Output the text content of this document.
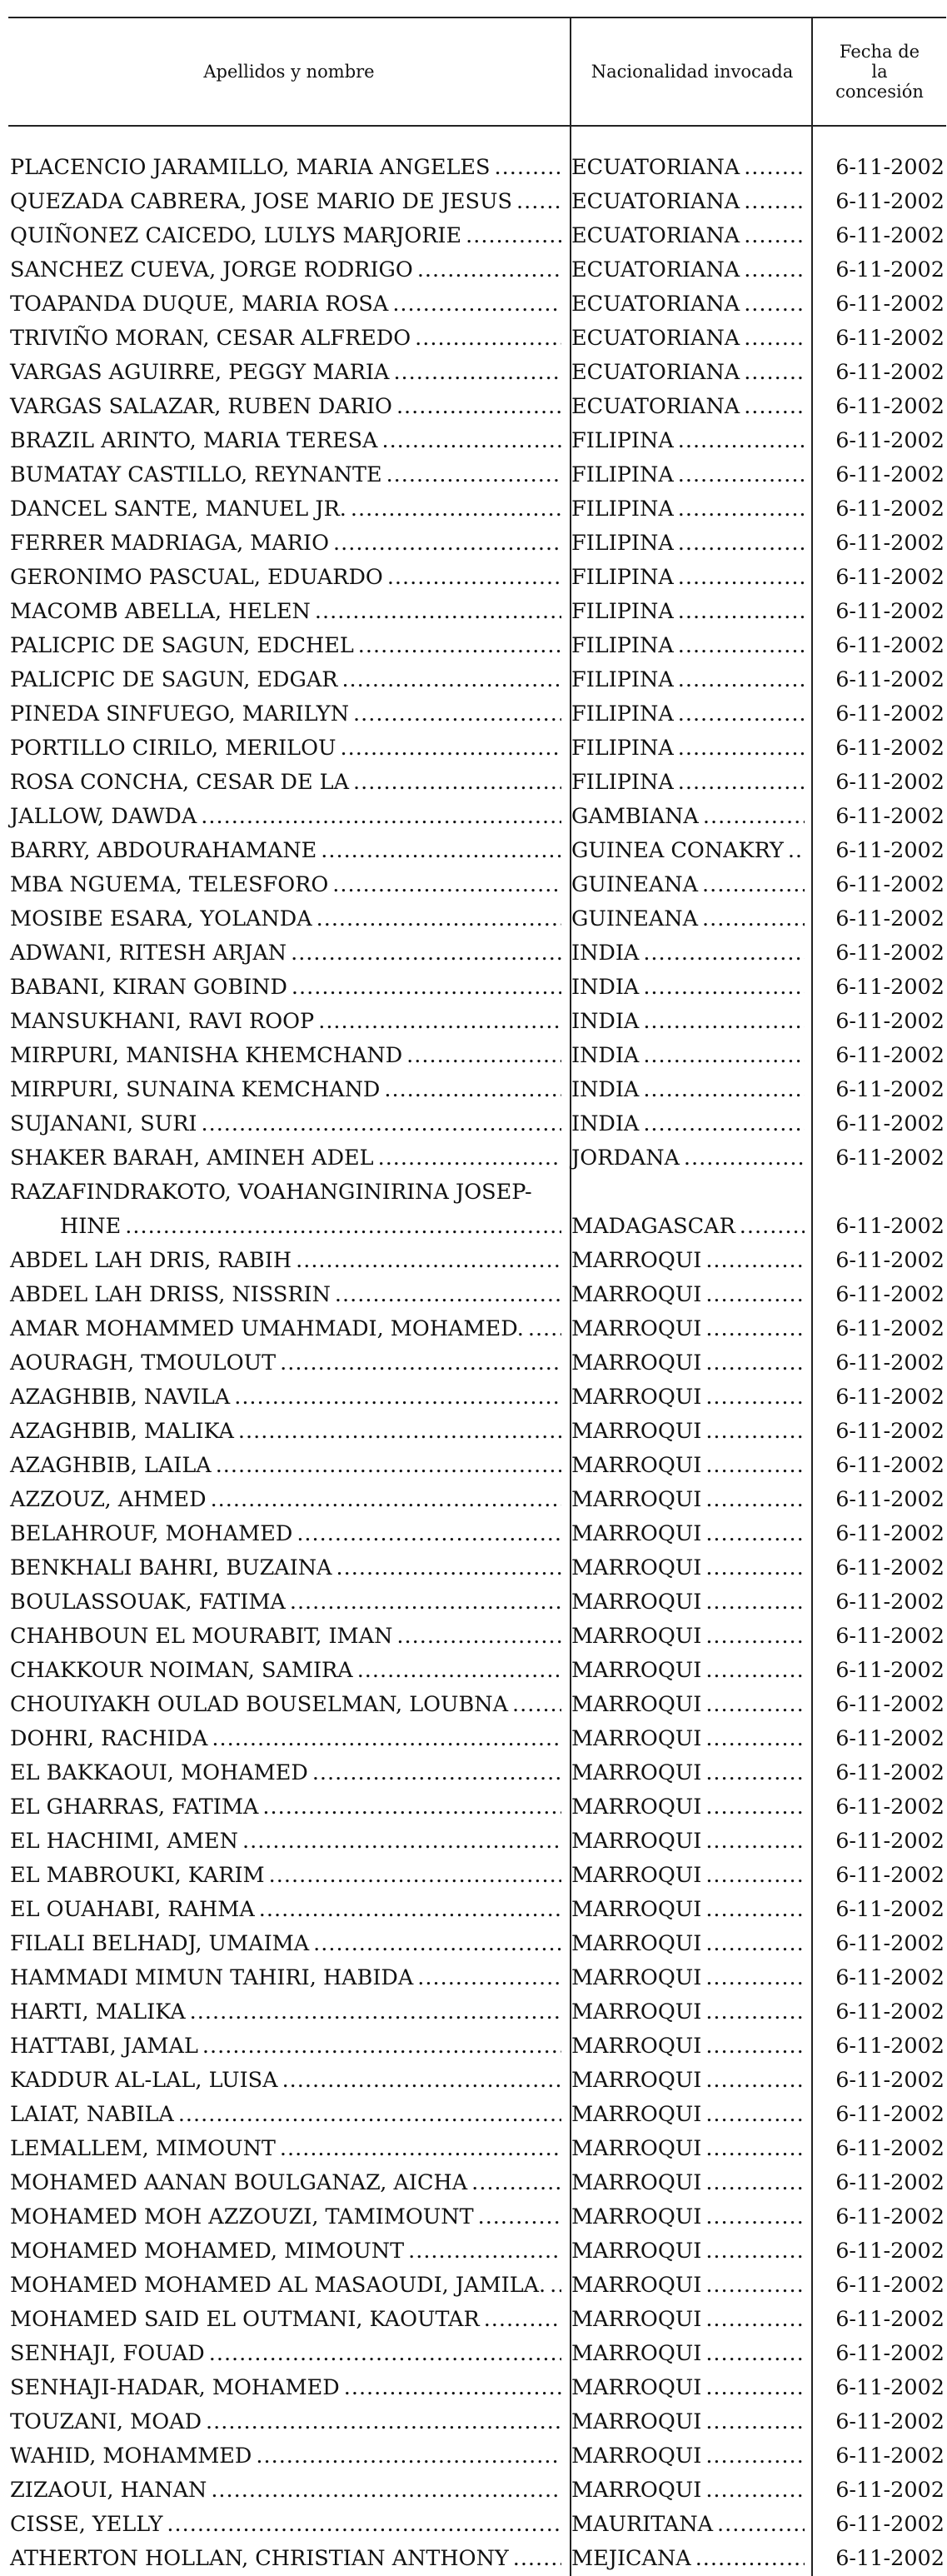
Apellidos y nombre	Nacionalidad invocada
Fecha de la concesión
PLACENCIO JARAMILLO, MARIA ANGELES .....	ECUATORIANA .....	6-11-2002
QUEZADA CABRERA, JOSE MARIO DE JESUS .....	ECUATORIANA .....	6-11-2002
QUIÑONEZ CAICEDO, LULYS MARJORIE .....	ECUATORIANA .....	6-11-2002
SANCHEZ CUEVA, JORGE RODRIGO .....	ECUATORIANA .....	6-11-2002
TOAPANDA DUQUE, MARIA ROSA .....	ECUATORIANA .....	6-11-2002
TRIVIÑO MORAN, CESAR ALFREDO .....	ECUATORIANA .....	6-11-2002
VARGAS AGUIRRE, PEGGY MARIA .....	ECUATORIANA .....	6-11-2002
VARGAS SALAZAR, RUBEN DARIO .....	ECUATORIANA .....	6-11-2002
BRAZIL ARINTO, MARIA TERESA .....	FILIPINA .....	6-11-2002
BUMATAY CASTILLO, REYNANTE .....	FILIPINA .....	6-11-2002
DANCEL SANTE, MANUEL JR. .....	FILIPINA .....	6-11-2002
FERRER MADRIAGA, MARIO .....	FILIPINA .....	6-11-2002
GERONIMO PASCUAL, EDUARDO .....	FILIPINA .....	6-11-2002
MACOMB ABELLA, HELEN .....	FILIPINA .....	6-11-2002
PALICPIC DE SAGUN, EDCHEL .....	FILIPINA .....	6-11-2002
PALICPIC DE SAGUN, EDGAR .....	FILIPINA .....	6-11-2002
PINEDA SINFUEGO, MARILYN .....	FILIPINA .....	6-11-2002
PORTILLO CIRILO, MERILOU .....	FILIPINA .....	6-11-2002
ROSA CONCHA, CESAR DE LA .....	FILIPINA .....	6-11-2002
JALLOW, DAWDA .....	GAMBIANA .....	6-11-2002
BARRY, ABDOURAHAMANE .....	GUINEA CONAKRY ..... 6-11-2002
MBA NGUEMA, TELESFORO .....	GUINEANA .....	6-11-2002
MOSIBE ESARA, YOLANDA .....	GUINEANA .....	6-11-2002
ADWANI, RITESH ARJAN .....	INDIA .....	6-11-2002
BABANI, KIRAN GOBIND .....	INDIA .....	6-11-2002
MANSUKHANI, RAVI ROOP .....	INDIA .....	6-11-2002
MIRPURI, MANISHA KHEMCHAND .....	INDIA .....	6-11-2002
MIRPURI, SUNAINA KEMCHAND .....	INDIA .....	6-11-2002
SUJANANI, SURI .....	INDIA .....	6-11-2002
SHAKER BARAH, AMINEH ADEL .....	JORDANA .....	6-11-2002
RAZAFINDRAKOTO, VOAHANGINIRINA JOSEP-
HINE .....	MADAGASCAR .....	6-11-2002
ABDEL LAH DRIS, RABIH .....	MARROQUI .....	6-11-2002
ABDEL LAH DRISS, NISSRIN .....	MARROQUI .....	6-11-2002
AMAR MOHAMMED UMAHMADI, MOHAMED. ..... MARROQUI .....	6-11-2002
AOURAGH, TMOULOUT .....	MARROQUI .....	6-11-2002
AZAGHBIB, NAVILA .....	MARROQUI .....	6-11-2002
AZAGHBIB, MALIKA .....	MARROQUI .....	6-11-2002
AZAGHBIB, LAILA .....	MARROQUI .....	6-11-2002
AZZOUZ, AHMED .....	MARROQUI .....	6-11-2002
BELAHROUF, MOHAMED .....	MARROQUI .....	6-11-2002
BENKHALI BAHRI, BUZAINA .....	MARROQUI .....	6-11-2002
BOULASSOUAK, FATIMA .....	MARROQUI .....	6-11-2002
CHAHBOUN EL MOURABIT, IMAN .....	MARROQUI .....	6-11-2002
CHAKKOUR NOIMAN, SAMIRA .....	MARROQUI .....	6-11-2002
CHOUIYAKH OULAD BOUSELMAN, LOUBNA .....	MARROQUI .....	6-11-2002
DOHRI, RACHIDA .....	MARROQUI .....	6-11-2002
EL BAKKAOUI, MOHAMED .....	MARROQUI .....	6-11-2002
EL GHARRAS, FATIMA .....	MARROQUI .....	6-11-2002
EL HACHIMI, AMEN .....	MARROQUI .....	6-11-2002
EL MABROUKI, KARIM .....	MARROQUI .....	6-11-2002
EL OUAHABI, RAHMA .....	MARROQUI .....	6-11-2002
FILALI BELHADJ, UMAIMA .....	MARROQUI .....	6-11-2002
HAMMADI MIMUN TAHIRI, HABIDA .....	MARROQUI .....	6-11-2002
HARTI, MALIKA .....	MARROQUI .....	6-11-2002
HATTABI, JAMAL .....	MARROQUI .....	6-11-2002
KADDUR AL-LAL, LUISA .....	MARROQUI .....	6-11-2002
LAIAT, NABILA .....	MARROQUI .....	6-11-2002
LEMALLEM, MIMOUNT .....	MARROQUI .....	6-11-2002
MOHAMED AANAN BOULGANAZ, AICHA .....	MARROQUI .....	6-11-2002
MOHAMED MOH AZZOUZI, TAMIMOUNT .....	MARROQUI .....	6-11-2002
MOHAMED MOHAMED, MIMOUNT .....	MARROQUI .....	6-11-2002
MOHAMED MOHAMED AL MASAOUDI, JAMILA. ..... MARROQUI .....	6-11-2002
MOHAMED SAID EL OUTMANI, KAOUTAR .....	MARROQUI .....	6-11-2002
SENHAJI, FOUAD .....	MARROQUI .....	6-11-2002
SENHAJI-HADAR, MOHAMED .....	MARROQUI .....	6-11-2002
TOUZANI, MOAD .....	MARROQUI .....	6-11-2002
WAHID, MOHAMMED .....	MARROQUI .....	6-11-2002
ZIZAOUI, HANAN .....	MARROQUI .....	6-11-2002
CISSE, YELLY .....	MAURITANA .....	6-11-2002
ATHERTON HOLLAN, CHRISTIAN ANTHONY .....	MEJICANA .....	6-11-2002
